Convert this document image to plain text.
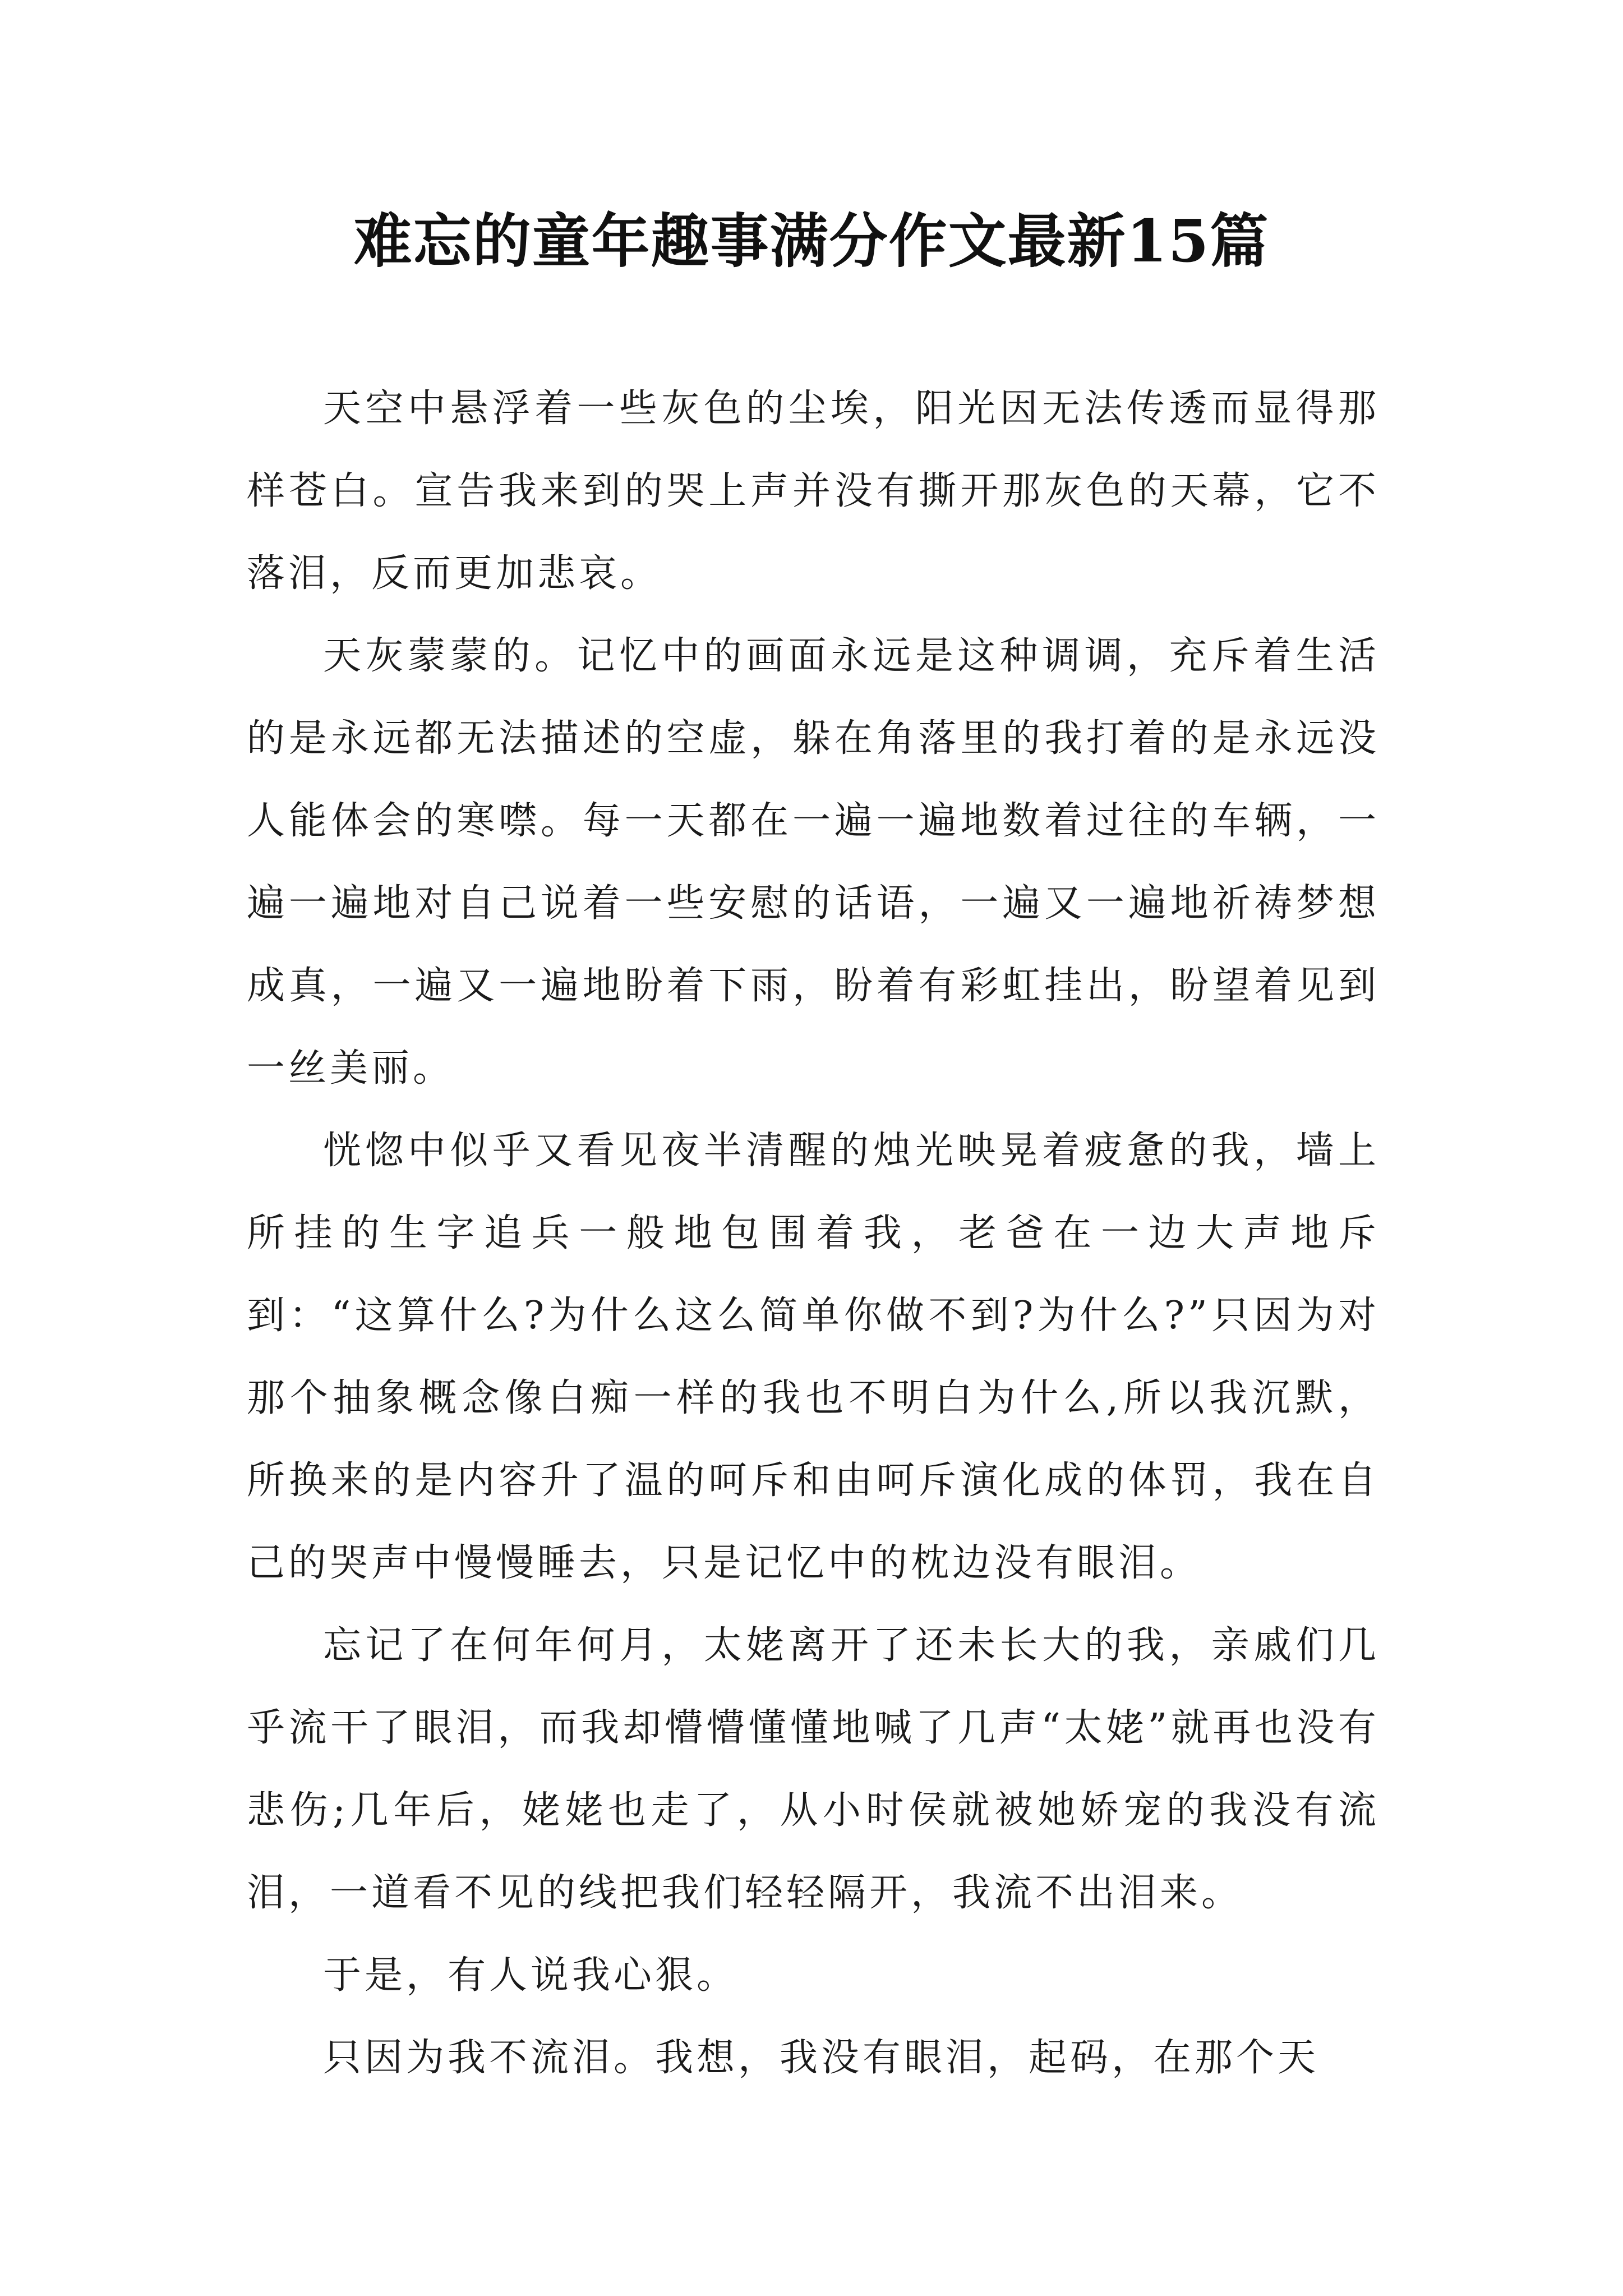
难忘的童年趣事满分作文最新15篇

天空中悬浮着一些灰色的尘埃，阳光因无法传透而显得那样苍白。宣告我来到的哭上声并没有撕开那灰色的天幕，它不落泪，反而更加悲哀。

天灰蒙蒙的。记忆中的画面永远是这种调调，充斥着生活的是永远都无法描述的空虚，躲在角落里的我打着的是永远没人能体会的寒噤。每一天都在一遍一遍地数着过往的车辆，一遍一遍地对自己说着一些安慰的话语，一遍又一遍地祈祷梦想成真，一遍又一遍地盼着下雨，盼着有彩虹挂出，盼望着见到一丝美丽。

恍惚中似乎又看见夜半清醒的烛光映晃着疲惫的我，墙上所挂的生字追兵一般地包围着我，老爸在一边大声地斥到：“这算什么?为什么这么简单你做不到?为什么?”只因为对那个抽象概念像白痴一样的我也不明白为什么,所以我沉默，所换来的是内容升了温的呵斥和由呵斥演化成的体罚，我在自己的哭声中慢慢睡去，只是记忆中的枕边没有眼泪。

忘记了在何年何月，太姥离开了还未长大的我，亲戚们几乎流干了眼泪，而我却懵懵懂懂地喊了几声“太姥”就再也没有悲伤;几年后，姥姥也走了，从小时侯就被她娇宠的我没有流泪，一道看不见的线把我们轻轻隔开，我流不出泪来。

于是，有人说我心狠。

只因为我不流泪。我想，我没有眼泪，起码，在那个天
